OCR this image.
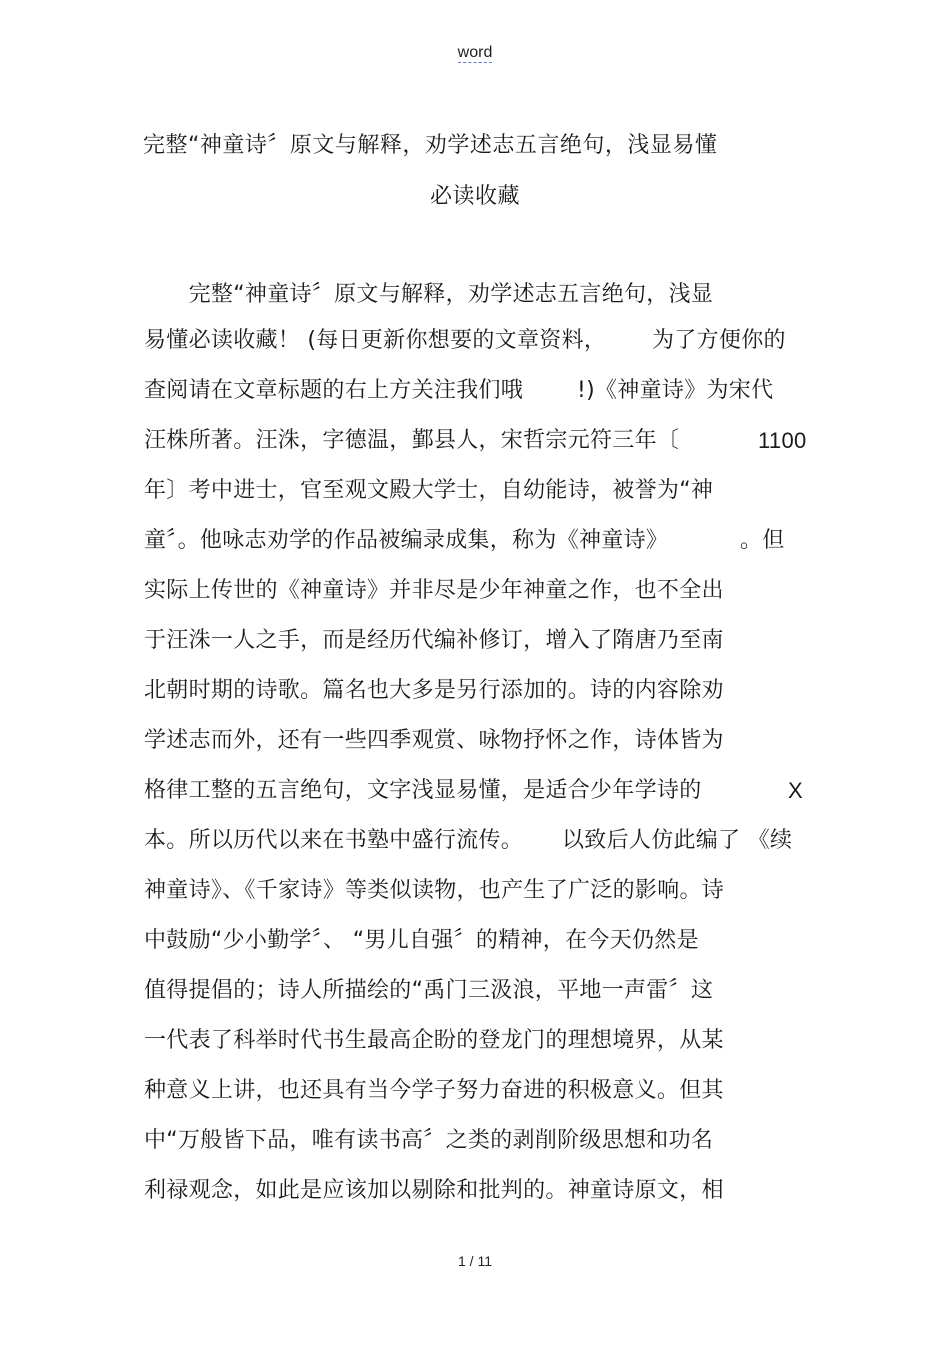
word
完整“神童诗〞原文与解释，劝学述志五言绝句，浅显易懂
必读收藏
　　完整“神童诗〞原文与解释，劝学述志五言绝句，浅显
易懂必读收藏！ (每日更新你想要的文章资料， 为了方便你的
查阅请在文章标题的右上方关注我们哦 !)《神童诗》为宋代
汪株所著。汪洙，字德温，鄞县人，宋哲宗元符三年〔	1100
年〕考中进士，官至观文殿大学士，自幼能诗，被誉为“神
童〞。他咏志劝学的作品被编录成集，称为《神童诗》	。但
实际上传世的《神童诗》并非尽是少年神童之作，也不全出
于汪洙一人之手，而是经历代编补修订，增入了隋唐乃至南
北朝时期的诗歌。篇名也大多是另行添加的。诗的内容除劝
学述志而外，还有一些四季观赏、咏物抒怀之作，诗体皆为
格律工整的五言绝句，文字浅显易懂，是适合少年学诗的	X
本。所以历代以来在书塾中盛行流传。 以致后人仿此编了 《续
神童诗》、《千家诗》等类似读物，也产生了广泛的影响。诗
中鼓励“少小勤学〞、 “男儿自强〞的精神，在今天仍然是
值得提倡的；诗人所描绘的“禹门三汲浪，平地一声雷〞这
一代表了科举时代书生最高企盼的登龙门的理想境界，从某
种意义上讲，也还具有当今学子努力奋进的积极意义。但其
中“万般皆下品，唯有读书高〞之类的剥削阶级思想和功名
利禄观念，如此是应该加以剔除和批判的。神童诗原文，相
1 / 11
